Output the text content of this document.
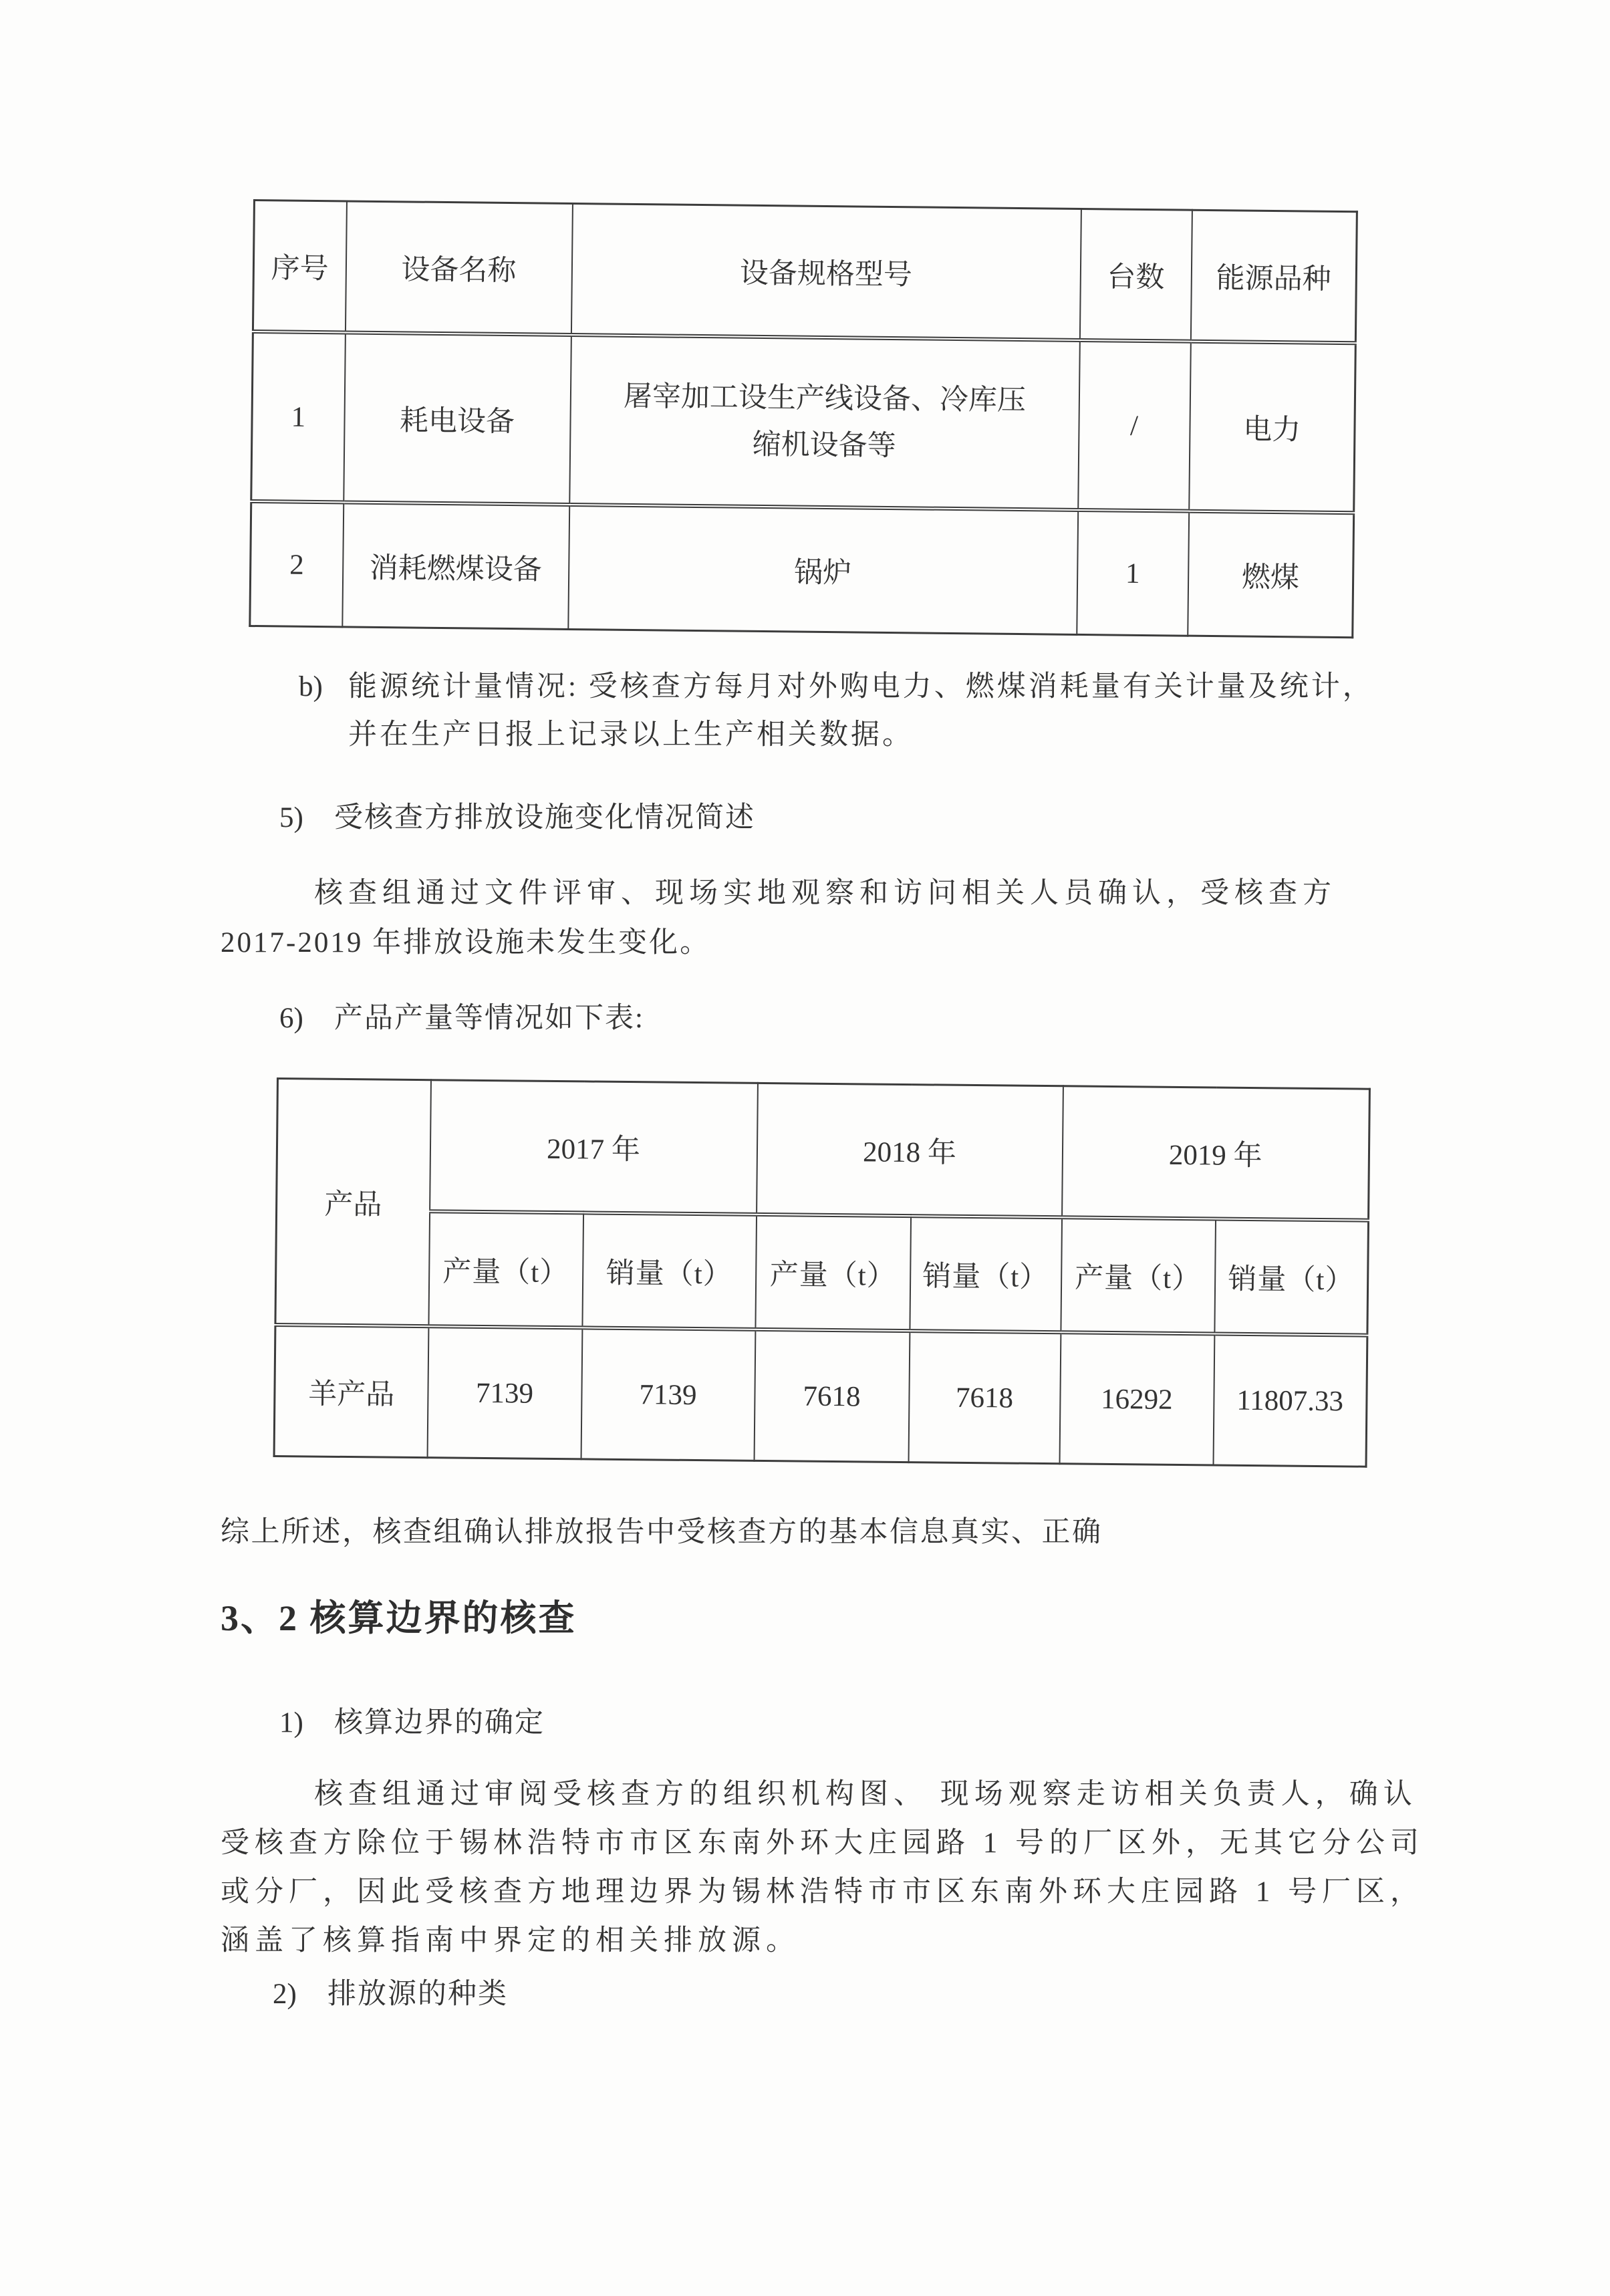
序号	设备名称	设备规格型号	台数	能源品种
1	耗电设备	屠宰加工设生产线设备、冷库压缩机设备等	/	电力
2	消耗燃煤设备	锅炉	1	燃煤
b) 能源统计量情况: 受核查方每月对外购电力、燃煤消耗量有关计量及统计，
并在生产日报上记录以上生产相关数据。
5)	受核查方排放设施变化情况简述
核查组通过文件评审、现场实地观察和访问相关人员确认，受核查方
2017-2019 年排放设施未发生变化。
6)	产品产量等情况如下表:
产品	2017 年		2018 年		2019 年	
	产量（t）	销量（t）	产量（t）	销量（t）	产量（t）	销量（t）
羊产品	7139	7139	7618	7618	16292	11807.33
综上所述，核查组确认排放报告中受核查方的基本信息真实、正确
3、2 核算边界的核查
1)	核算边界的确定
核查组通过审阅受核查方的组织机构图、 现场观察走访相关负责人，确认
受核查方除位于锡林浩特市市区东南外环大庄园路 1 号的厂区外，无其它分公司
或分厂，因此受核查方地理边界为锡林浩特市市区东南外环大庄园路 1 号厂区，
涵盖了核算指南中界定的相关排放源。
2)	排放源的种类
